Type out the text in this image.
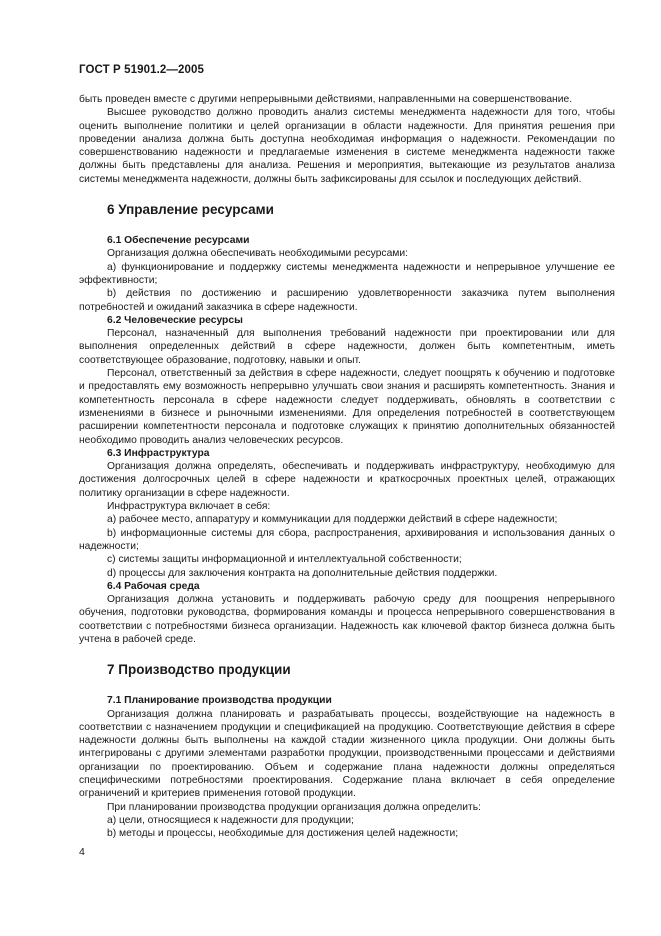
ГОСТ Р 51901.2—2005

быть проведен вместе с другими непрерывными действиями, направленными на совершенствование.

Высшее руководство должно проводить анализ системы менеджмента надежности для того, чтобы оценить выполнение политики и целей организации в области надежности. Для принятия решения при проведении анализа должна быть доступна необходимая информация о надежности. Рекомендации по совершенствованию надежности и предлагаемые изменения в системе менеджмента надежности также должны быть представлены для анализа. Решения и мероприятия, вытекающие из результатов анализа системы менеджмента надежности, должны быть зафиксированы для ссылок и последующих действий.

6 Управление ресурсами
6.1 Обеспечение ресурсами

Организация должна обеспечивать необходимыми ресурсами:

а) функционирование и поддержку системы менеджмента надежности и непрерывное улучшение ее эффективности;

b) действия по достижению и расширению удовлетворенности заказчика путем выполнения потребностей и ожиданий заказчика в сфере надежности.

6.2 Человеческие ресурсы

Персонал, назначенный для выполнения требований надежности при проектировании или для выполнения определенных действий в сфере надежности, должен быть компетентным, иметь соответствующее образование, подготовку, навыки и опыт.

Персонал, ответственный за действия в сфере надежности, следует поощрять к обучению и подготовке и предоставлять ему возможность непрерывно улучшать свои знания и расширять компетентность. Знания и компетентность персонала в сфере надежности следует поддерживать, обновлять в соответствии с изменениями в бизнесе и рыночными изменениями. Для определения потребностей в соответствующем расширении компетентности персонала и подготовке служащих к принятию дополнительных обязанностей необходимо проводить анализ человеческих ресурсов.

6.3 Инфраструктура

Организация должна определять, обеспечивать и поддерживать инфраструктуру, необходимую для достижения долгосрочных целей в сфере надежности и краткосрочных проектных целей, отражающих политику организации в сфере надежности.

Инфраструктура включает в себя:

а) рабочее место, аппаратуру и коммуникации для поддержки действий в сфере надежности;

b) информационные системы для сбора, распространения, архивирования и использования данных о надежности;

с) системы защиты информационной и интеллектуальной собственности;

d) процессы для заключения контракта на дополнительные действия поддержки.

6.4 Рабочая среда

Организация должна установить и поддерживать рабочую среду для поощрения непрерывного обучения, подготовки руководства, формирования команды и процесса непрерывного совершенствования в соответствии с потребностями бизнеса организации. Надежность как ключевой фактор бизнеса должна быть учтена в рабочей среде.

7 Производство продукции
7.1 Планирование производства продукции

Организация должна планировать и разрабатывать процессы, воздействующие на надежность в соответствии с назначением продукции и спецификацией на продукцию. Соответствующие действия в сфере надежности должны быть выполнены на каждой стадии жизненного цикла продукции. Они должны быть интегрированы с другими элементами разработки продукции, производственными процессами и действиями организации по проектированию. Объем и содержание плана надежности должны определяться специфическими потребностями проектирования. Содержание плана включает в себя определение ограничений и критериев применения готовой продукции.

При планировании производства продукции организация должна определить:

а) цели, относящиеся к надежности для продукции;

b) методы и процессы, необходимые для достижения целей надежности;

4
